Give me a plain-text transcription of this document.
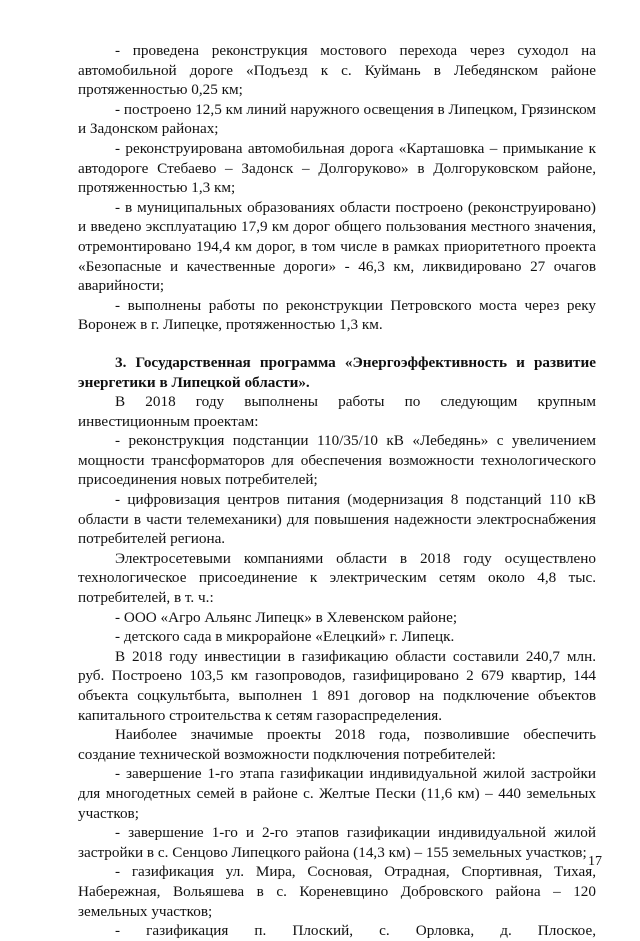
- проведена реконструкция мостового перехода через суходол на автомобильной дороге «Подъезд к с. Куймань в Лебедянском районе протяженностью 0,25 км;

- построено 12,5 км линий наружного освещения в Липецком, Грязинском и Задонском районах;

- реконструирована автомобильная дорога «Карташовка – примыкание к автодороге Стебаево – Задонск – Долгоруково» в Долгоруковском районе, протяженностью 1,3 км;

- в муниципальных образованиях области построено (реконструировано) и введено эксплуатацию 17,9 км дорог общего пользования местного значения, отремонтировано 194,4 км дорог, в том числе в рамках приоритетного проекта «Безопасные и качественные дороги» - 46,3 км, ликвидировано 27 очагов аварийности;

- выполнены работы по реконструкции Петровского моста через реку Воронеж в г. Липецке, протяженностью 1,3 км.

3. Государственная программа «Энергоэффективность и развитие энергетики в Липецкой области».

В 2018 году выполнены работы по следующим крупным инвестиционным проектам:

- реконструкция подстанции 110/35/10 кВ «Лебедянь» с увеличением мощности трансформаторов для обеспечения возможности технологического присоединения новых потребителей;

- цифровизация центров питания (модернизация 8 подстанций 110 кВ области в части телемеханики) для повышения надежности электроснабжения потребителей региона.

Электросетевыми компаниями области в 2018 году осуществлено технологическое присоединение к электрическим сетям около 4,8 тыс. потребителей, в т. ч.:

- ООО «Агро Альянс Липецк» в Хлевенском районе;

- детского сада в микрорайоне «Елецкий» г. Липецк.

В 2018 году инвестиции в газификацию области составили 240,7 млн. руб. Построено 103,5 км газопроводов, газифицировано 2 679 квартир, 144 объекта соцкультбыта, выполнен 1 891 договор на подключение объектов капитального строительства к сетям газораспределения.

Наиболее значимые проекты 2018 года, позволившие обеспечить создание технической возможности подключения потребителей:

- завершение 1-го этапа газификации индивидуальной жилой застройки для многодетных семей в районе с. Желтые Пески (11,6 км) – 440 земельных участков;

- завершение 1-го и 2-го этапов газификации индивидуальной жилой застройки в с. Сенцово Липецкого района (14,3 км) – 155 земельных участков;

- газификация ул. Мира, Сосновая, Отрадная, Спортивная, Тихая, Набережная, Вольяшева в с. Кореневщино Добровского района – 120 земельных участков;

- газификация п. Плоский, с. Орловка, д. Плоское,

17
